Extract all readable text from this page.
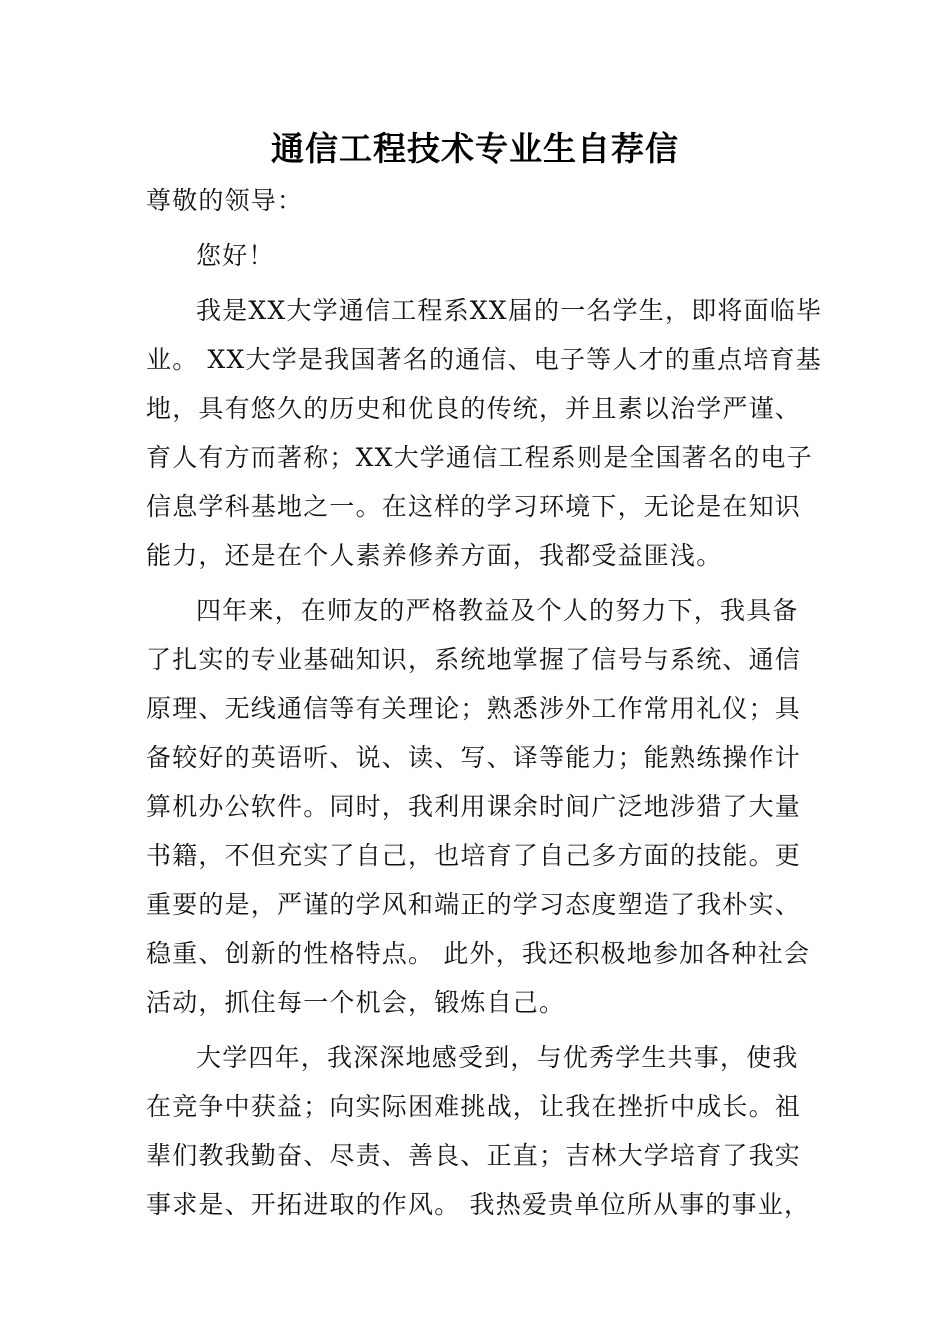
通信工程技术专业生自荐信
尊敬的领导：
您好！
我是XX大学通信工程系XX届的一名学生，即将面临毕
业。 XX大学是我国著名的通信、电子等人才的重点培育基
地，具有悠久的历史和优良的传统，并且素以治学严谨、
育人有方而著称；XX大学通信工程系则是全国著名的电子
信息学科基地之一。在这样的学习环境下，无论是在知识
能力，还是在个人素养修养方面，我都受益匪浅。
四年来，在师友的严格教益及个人的努力下，我具备
了扎实的专业基础知识，系统地掌握了信号与系统、通信
原理、无线通信等有关理论；熟悉涉外工作常用礼仪；具
备较好的英语听、说、读、写、译等能力；能熟练操作计
算机办公软件。同时，我利用课余时间广泛地涉猎了大量
书籍，不但充实了自己，也培育了自己多方面的技能。更
重要的是，严谨的学风和端正的学习态度塑造了我朴实、
稳重、创新的性格特点。 此外，我还积极地参加各种社会
活动，抓住每一个机会，锻炼自己。
大学四年，我深深地感受到，与优秀学生共事，使我
在竞争中获益；向实际困难挑战，让我在挫折中成长。祖
辈们教我勤奋、尽责、善良、正直；吉林大学培育了我实
事求是、开拓进取的作风。 我热爱贵单位所从事的事业，
